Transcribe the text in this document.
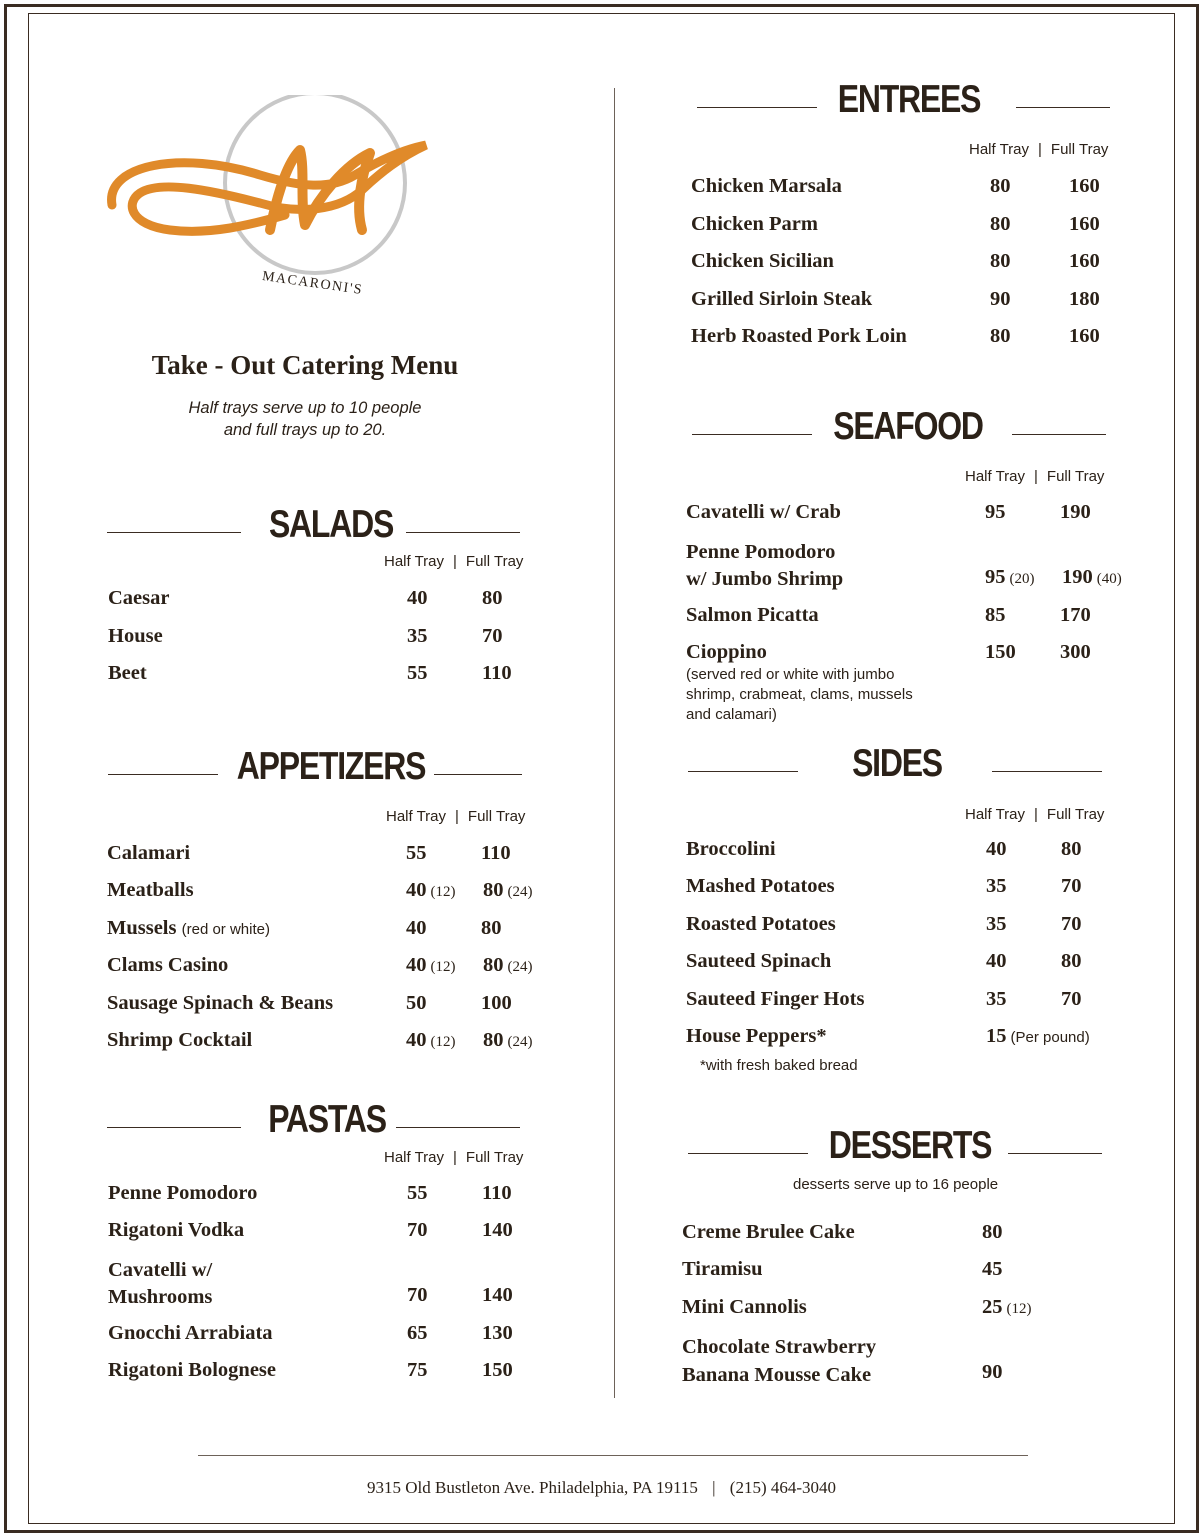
MACARONI'S
Take - Out Catering Menu
Half trays serve up to 10 people
and full trays up to 20.
SALADS
Half Tray | Full Tray
Caesar	40	80
House	35	70
Beet	55	110
APPETIZERS
Half Tray | Full Tray
Calamari	55	110
Meatballs	40 (12) 80 (24)
Mussels (red or white)	40	80
Clams Casino	40 (12) 80 (24)
Sausage Spinach & Beans	50	100
Shrimp Cocktail	40 (12) 80 (24)
PASTAS
Half Tray | Full Tray
Penne Pomodoro	55	110
Rigatoni Vodka	70	140
Cavatelli w/
Mushrooms	70	140
Gnocchi Arrabiata	65	130
Rigatoni Bolognese	75	150
ENTREES
Half Tray | Full Tray
Chicken Marsala	80	160
Chicken Parm	80	160
Chicken Sicilian	80	160
Grilled Sirloin Steak	90	180
Herb Roasted Pork Loin	80	160
SEAFOOD
Half Tray | Full Tray
Cavatelli w/ Crab	95	190
Penne Pomodoro
w/ Jumbo Shrimp	95 (20) 190 (40)
Salmon Picatta	85	170
Cioppino	150 300
(served red or white with jumbo
shrimp, crabmeat, clams, mussels
and calamari)
SIDES
Half Tray | Full Tray
Broccolini	40	80
Mashed Potatoes	35	70
Roasted Potatoes	35	70
Sauteed Spinach	40	80
Sauteed Finger Hots	35	70
House Peppers*	15 (Per pound)
*with fresh baked bread
DESSERTS
desserts serve up to 16 people
Creme Brulee Cake	80
Tiramisu	45
Mini Cannolis	25 (12)
Chocolate Strawberry
Banana Mousse Cake	90
9315 Old Bustleton Ave. Philadelphia, PA 19115 | (215) 464-3040
